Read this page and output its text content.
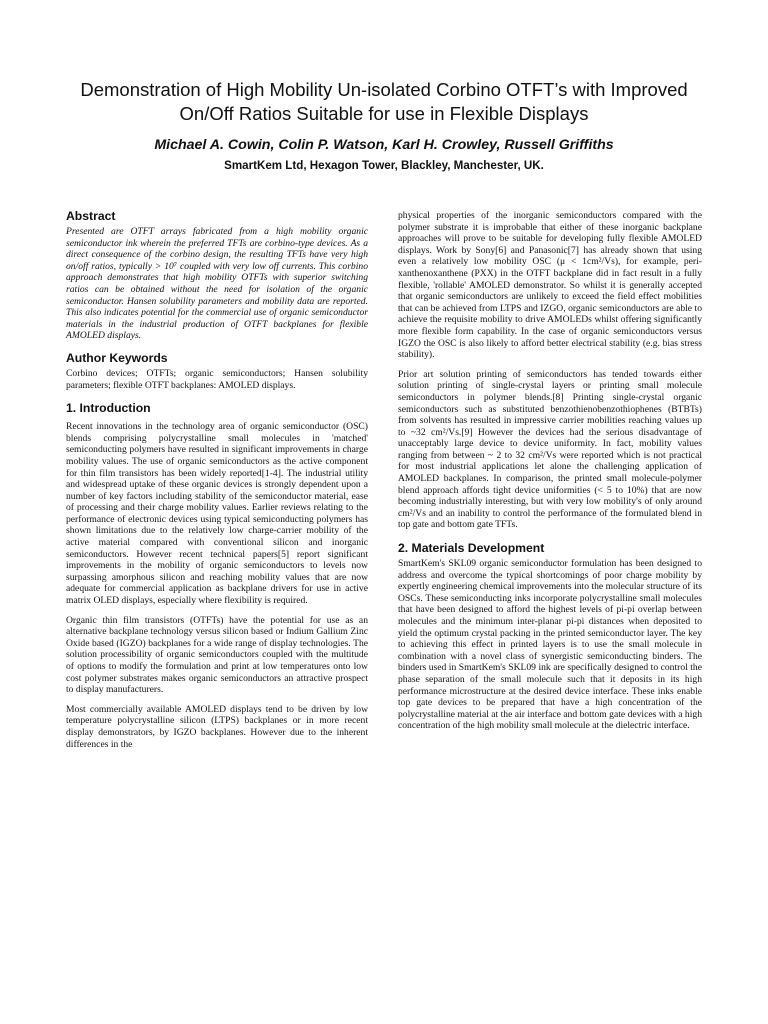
Demonstration of High Mobility Un-isolated Corbino OTFT’s with Improved
On/Off Ratios Suitable for use in Flexible Displays
Michael A. Cowin, Colin P. Watson, Karl H. Crowley, Russell Griffiths
SmartKem Ltd, Hexagon Tower, Blackley, Manchester, UK.
Abstract

Presented are OTFT arrays fabricated from a high mobility organic semiconductor ink wherein the preferred TFTs are corbino-type devices. As a direct consequence of the corbino design, the resulting TFTs have very high on/off ratios, typically > 10⁷ coupled with very low off currents. This corbino approach demonstrates that high mobility OTFTs with superior switching ratios can be obtained without the need for isolation of the organic semiconductor. Hansen solubility parameters and mobility data are reported. This also indicates potential for the commercial use of organic semiconductor materials in the industrial production of OTFT backplanes for flexible AMOLED displays.

Author Keywords

Corbino devices; OTFTs; organic semiconductors; Hansen solubility parameters; flexible OTFT backplanes: AMOLED displays.

1. Introduction

Recent innovations in the technology area of organic semiconductor (OSC) blends comprising polycrystalline small molecules in 'matched' semiconducting polymers have resulted in significant improvements in charge mobility values. The use of organic semiconductors as the active component for thin film transistors has been widely reported[1-4]. The industrial utility and widespread uptake of these organic devices is strongly dependent upon a number of key factors including stability of the semiconductor material, ease of processing and their charge mobility values. Earlier reviews relating to the performance of electronic devices using typical semiconducting polymers has shown limitations due to the relatively low charge-carrier mobility of the active material compared with conventional silicon and inorganic semiconductors. However recent technical papers[5] report significant improvements in the mobility of organic semiconductors to levels now surpassing amorphous silicon and reaching mobility values that are now adequate for commercial application as backplane drivers for use in active matrix OLED displays, especially where flexibility is required.

Organic thin film transistors (OTFTs) have the potential for use as an alternative backplane technology versus silicon based or Indium Gallium Zinc Oxide based (IGZO) backplanes for a wide range of display technologies. The solution processibility of organic semiconductors coupled with the multitude of options to modify the formulation and print at low temperatures onto low cost polymer substrates makes organic semiconductors an attractive prospect to display manufacturers.

Most commercially available AMOLED displays tend to be driven by low temperature polycrystalline silicon (LTPS) backplanes or in more recent display demonstrators, by IGZO backplanes. However due to the inherent differences in the

physical properties of the inorganic semiconductors compared with the polymer substrate it is improbable that either of these inorganic backplane approaches will prove to be suitable for developing fully flexible AMOLED displays. Work by Sony[6] and Panasonic[7] has already shown that using even a relatively low mobility OSC (μ < 1cm²/Vs), for example, peri-xanthenoxanthene (PXX) in the OTFT backplane did in fact result in a fully flexible, 'rollable' AMOLED demonstrator. So whilst it is generally accepted that organic semiconductors are unlikely to exceed the field effect mobilities that can be achieved from LTPS and IZGO, organic semiconductors are able to achieve the requisite mobility to drive AMOLEDs whilst offering significantly more flexible form capability. In the case of organic semiconductors versus IGZO the OSC is also likely to afford better electrical stability (e.g. bias stress stability).

Prior art solution printing of semiconductors has tended towards either solution printing of single-crystal layers or printing small molecule semiconductors in polymer blends.[8] Printing single-crystal organic semiconductors such as substituted benzothienobenzothiophenes (BTBTs) from solvents has resulted in impressive carrier mobilities reaching values up to ~32 cm²/Vs.[9] However the devices had the serious disadvantage of unacceptably large device to device uniformity. In fact, mobility values ranging from between ~ 2 to 32 cm²/Vs were reported which is not practical for most industrial applications let alone the challenging application of AMOLED backplanes. In comparison, the printed small molecule-polymer blend approach affords tight device uniformities (< 5 to 10%) that are now becoming industrially interesting, but with very low mobility's of only around cm²/Vs and an inability to control the performance of the formulated blend in top gate and bottom gate TFTs.

2. Materials Development

SmartKem's SKL09 organic semiconductor formulation has been designed to address and overcome the typical shortcomings of poor charge mobility by expertly engineering chemical improvements into the molecular structure of its OSCs. These semiconducting inks incorporate polycrystalline small molecules that have been designed to afford the highest levels of pi-pi overlap between molecules and the minimum inter-planar pi-pi distances when deposited to yield the optimum crystal packing in the printed semiconductor layer. The key to achieving this effect in printed layers is to use the small molecule in combination with a novel class of synergistic semiconducting binders. The binders used in SmartKem's SKL09 ink are specifically designed to control the phase separation of the small molecule such that it deposits in its high performance microstructure at the desired device interface. These inks enable top gate devices to be prepared that have a high concentration of the polycrystalline material at the air interface and bottom gate devices with a high concentration of the high mobility small molecule at the dielectric interface.
